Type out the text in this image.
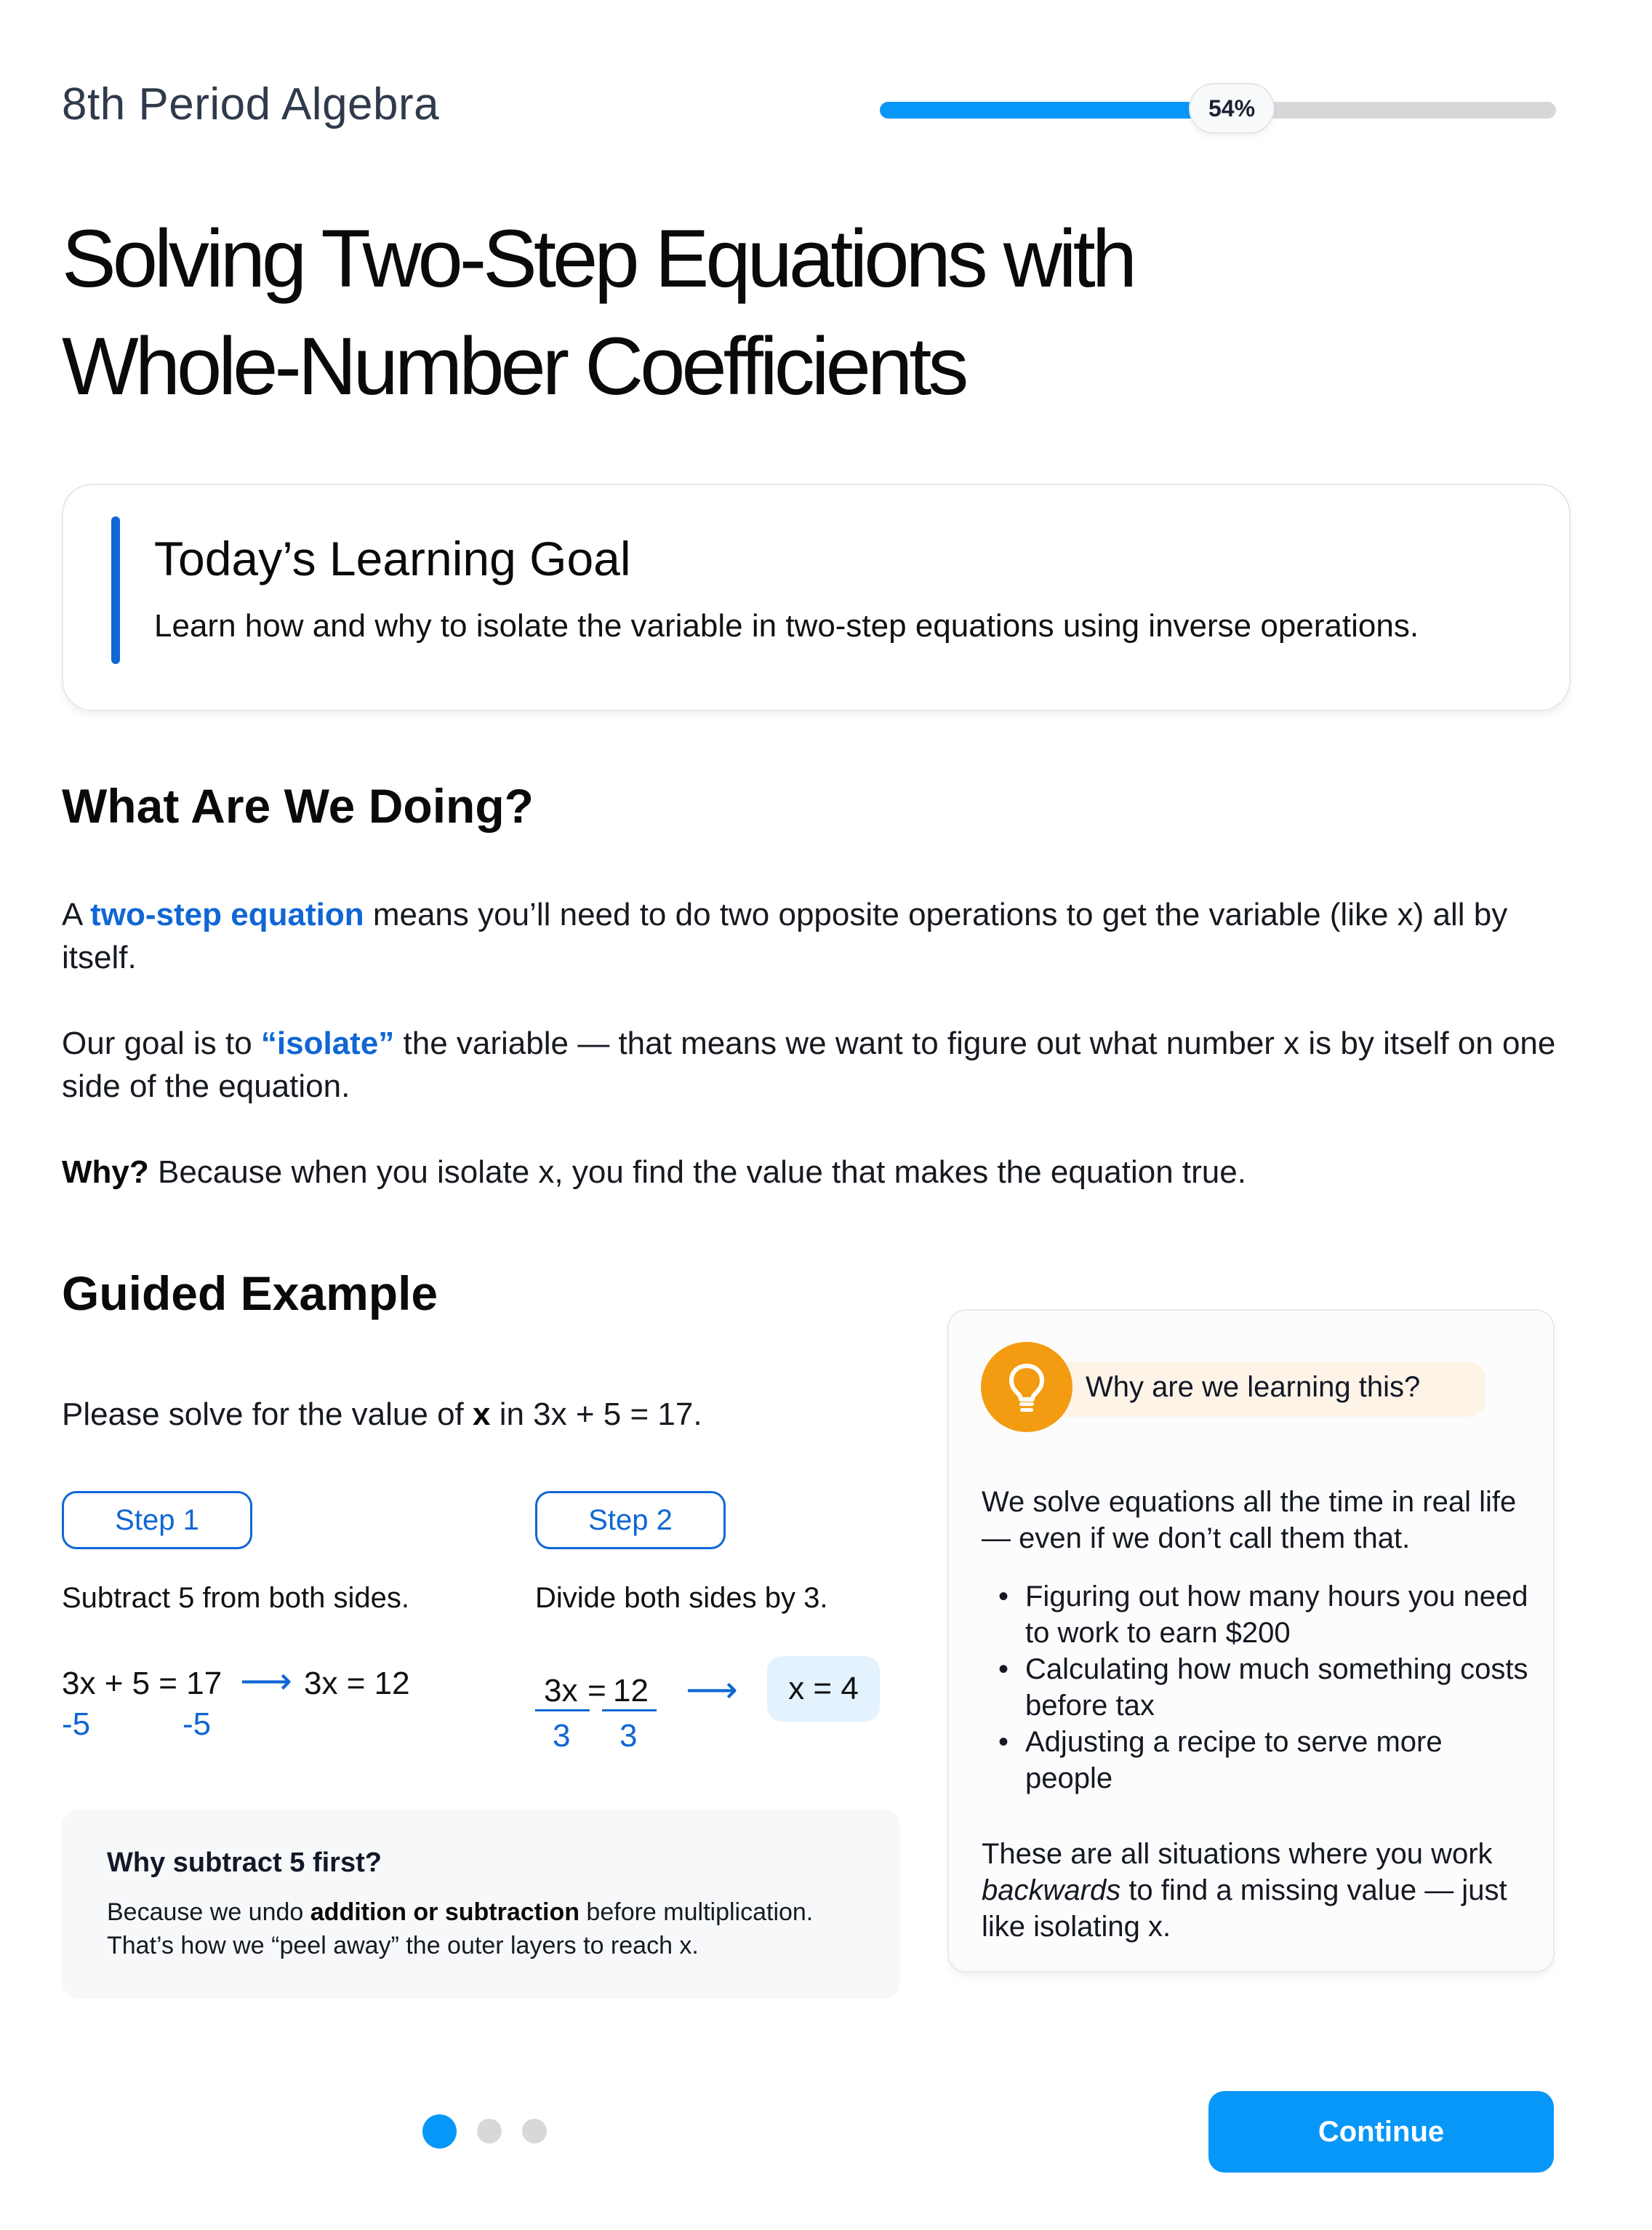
8th Period Algebra	54%
Solving Two-Step Equations with Whole-Number Coefficients
Today’s Learning Goal
Learn how and why to isolate the variable in two-step equations using inverse operations.
What Are We Doing?

A two-step equation means you’ll need to do two opposite operations to get the variable (like x) all by itself.

Our goal is to “isolate” the variable — that means we want to figure out what number x is by itself on one side of the equation.

Why? Because when you isolate x, you find the value that makes the equation true.

Guided Example
Please solve for the value of x in 3x + 5 = 17.
Step 1
Subtract 5 from both sides.
3x + 5 = 17 ⟶ 3x = 12
-5	-5
Step 2
Divide both sides by 3.
3x = 12
3 3
⟶	x = 4
Why subtract 5 first?
Because we undo addition or subtraction before multiplication.
That’s how we “peel away” the outer layers to reach x.
Why are we learning this?
We solve equations all the time in real life — even if we don’t call them that.
• Figuring out how many hours you need to work to earn $200
• Calculating how much something costs before tax
• Adjusting a recipe to serve more people
These are all situations where you work backwards to find a missing value — just like isolating x.
Continue
